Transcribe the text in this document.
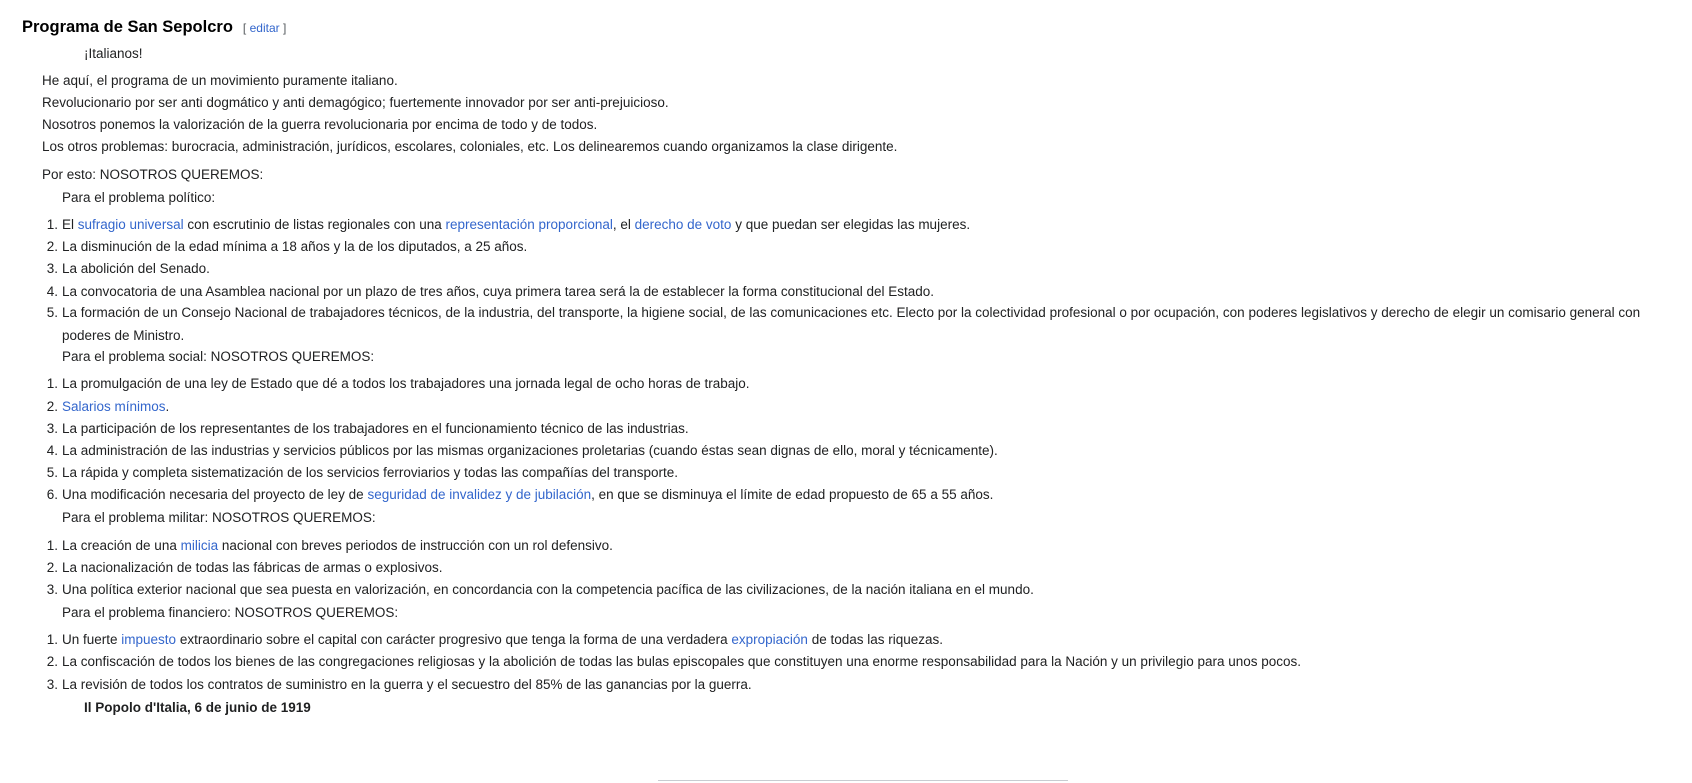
Programa de San Sepolcro [ editar ]
¡Italianos!
He aquí, el programa de un movimiento puramente italiano.
Revolucionario por ser anti dogmático y anti demagógico; fuertemente innovador por ser anti-prejuicioso.
Nosotros ponemos la valorización de la guerra revolucionaria por encima de todo y de todos.
Los otros problemas: burocracia, administración, jurídicos, escolares, coloniales, etc. Los delinearemos cuando organizamos la clase dirigente.
Por esto: NOSOTROS QUEREMOS:
Para el problema político:
1. El sufragio universal con escrutinio de listas regionales con una representación proporcional, el derecho de voto y que puedan ser elegidas las mujeres.
2. La disminución de la edad mínima a 18 años y la de los diputados, a 25 años.
3. La abolición del Senado.
4. La convocatoria de una Asamblea nacional por un plazo de tres años, cuya primera tarea será la de establecer la forma constitucional del Estado.
5. La formación de un Consejo Nacional de trabajadores técnicos, de la industria, del transporte, la higiene social, de las comunicaciones etc. Electo por la colectividad profesional o por ocupación, con poderes legislativos y derecho de elegir un comisario general con poderes de Ministro.
Para el problema social: NOSOTROS QUEREMOS:
1. La promulgación de una ley de Estado que dé a todos los trabajadores una jornada legal de ocho horas de trabajo.
2. Salarios mínimos.
3. La participación de los representantes de los trabajadores en el funcionamiento técnico de las industrias.
4. La administración de las industrias y servicios públicos por las mismas organizaciones proletarias (cuando éstas sean dignas de ello, moral y técnicamente).
5. La rápida y completa sistematización de los servicios ferroviarios y todas las compañías del transporte.
6. Una modificación necesaria del proyecto de ley de seguridad de invalidez y de jubilación, en que se disminuya el límite de edad propuesto de 65 a 55 años.
Para el problema militar: NOSOTROS QUEREMOS:
1. La creación de una milicia nacional con breves periodos de instrucción con un rol defensivo.
2. La nacionalización de todas las fábricas de armas o explosivos.
3. Una política exterior nacional que sea puesta en valorización, en concordancia con la competencia pacífica de las civilizaciones, de la nación italiana en el mundo.
Para el problema financiero: NOSOTROS QUEREMOS:
1. Un fuerte impuesto extraordinario sobre el capital con carácter progresivo que tenga la forma de una verdadera expropiación de todas las riquezas.
2. La confiscación de todos los bienes de las congregaciones religiosas y la abolición de todas las bulas episcopales que constituyen una enorme responsabilidad para la Nación y un privilegio para unos pocos.
3. La revisión de todos los contratos de suministro en la guerra y el secuestro del 85% de las ganancias por la guerra.
Il Popolo d'Italia, 6 de junio de 1919
